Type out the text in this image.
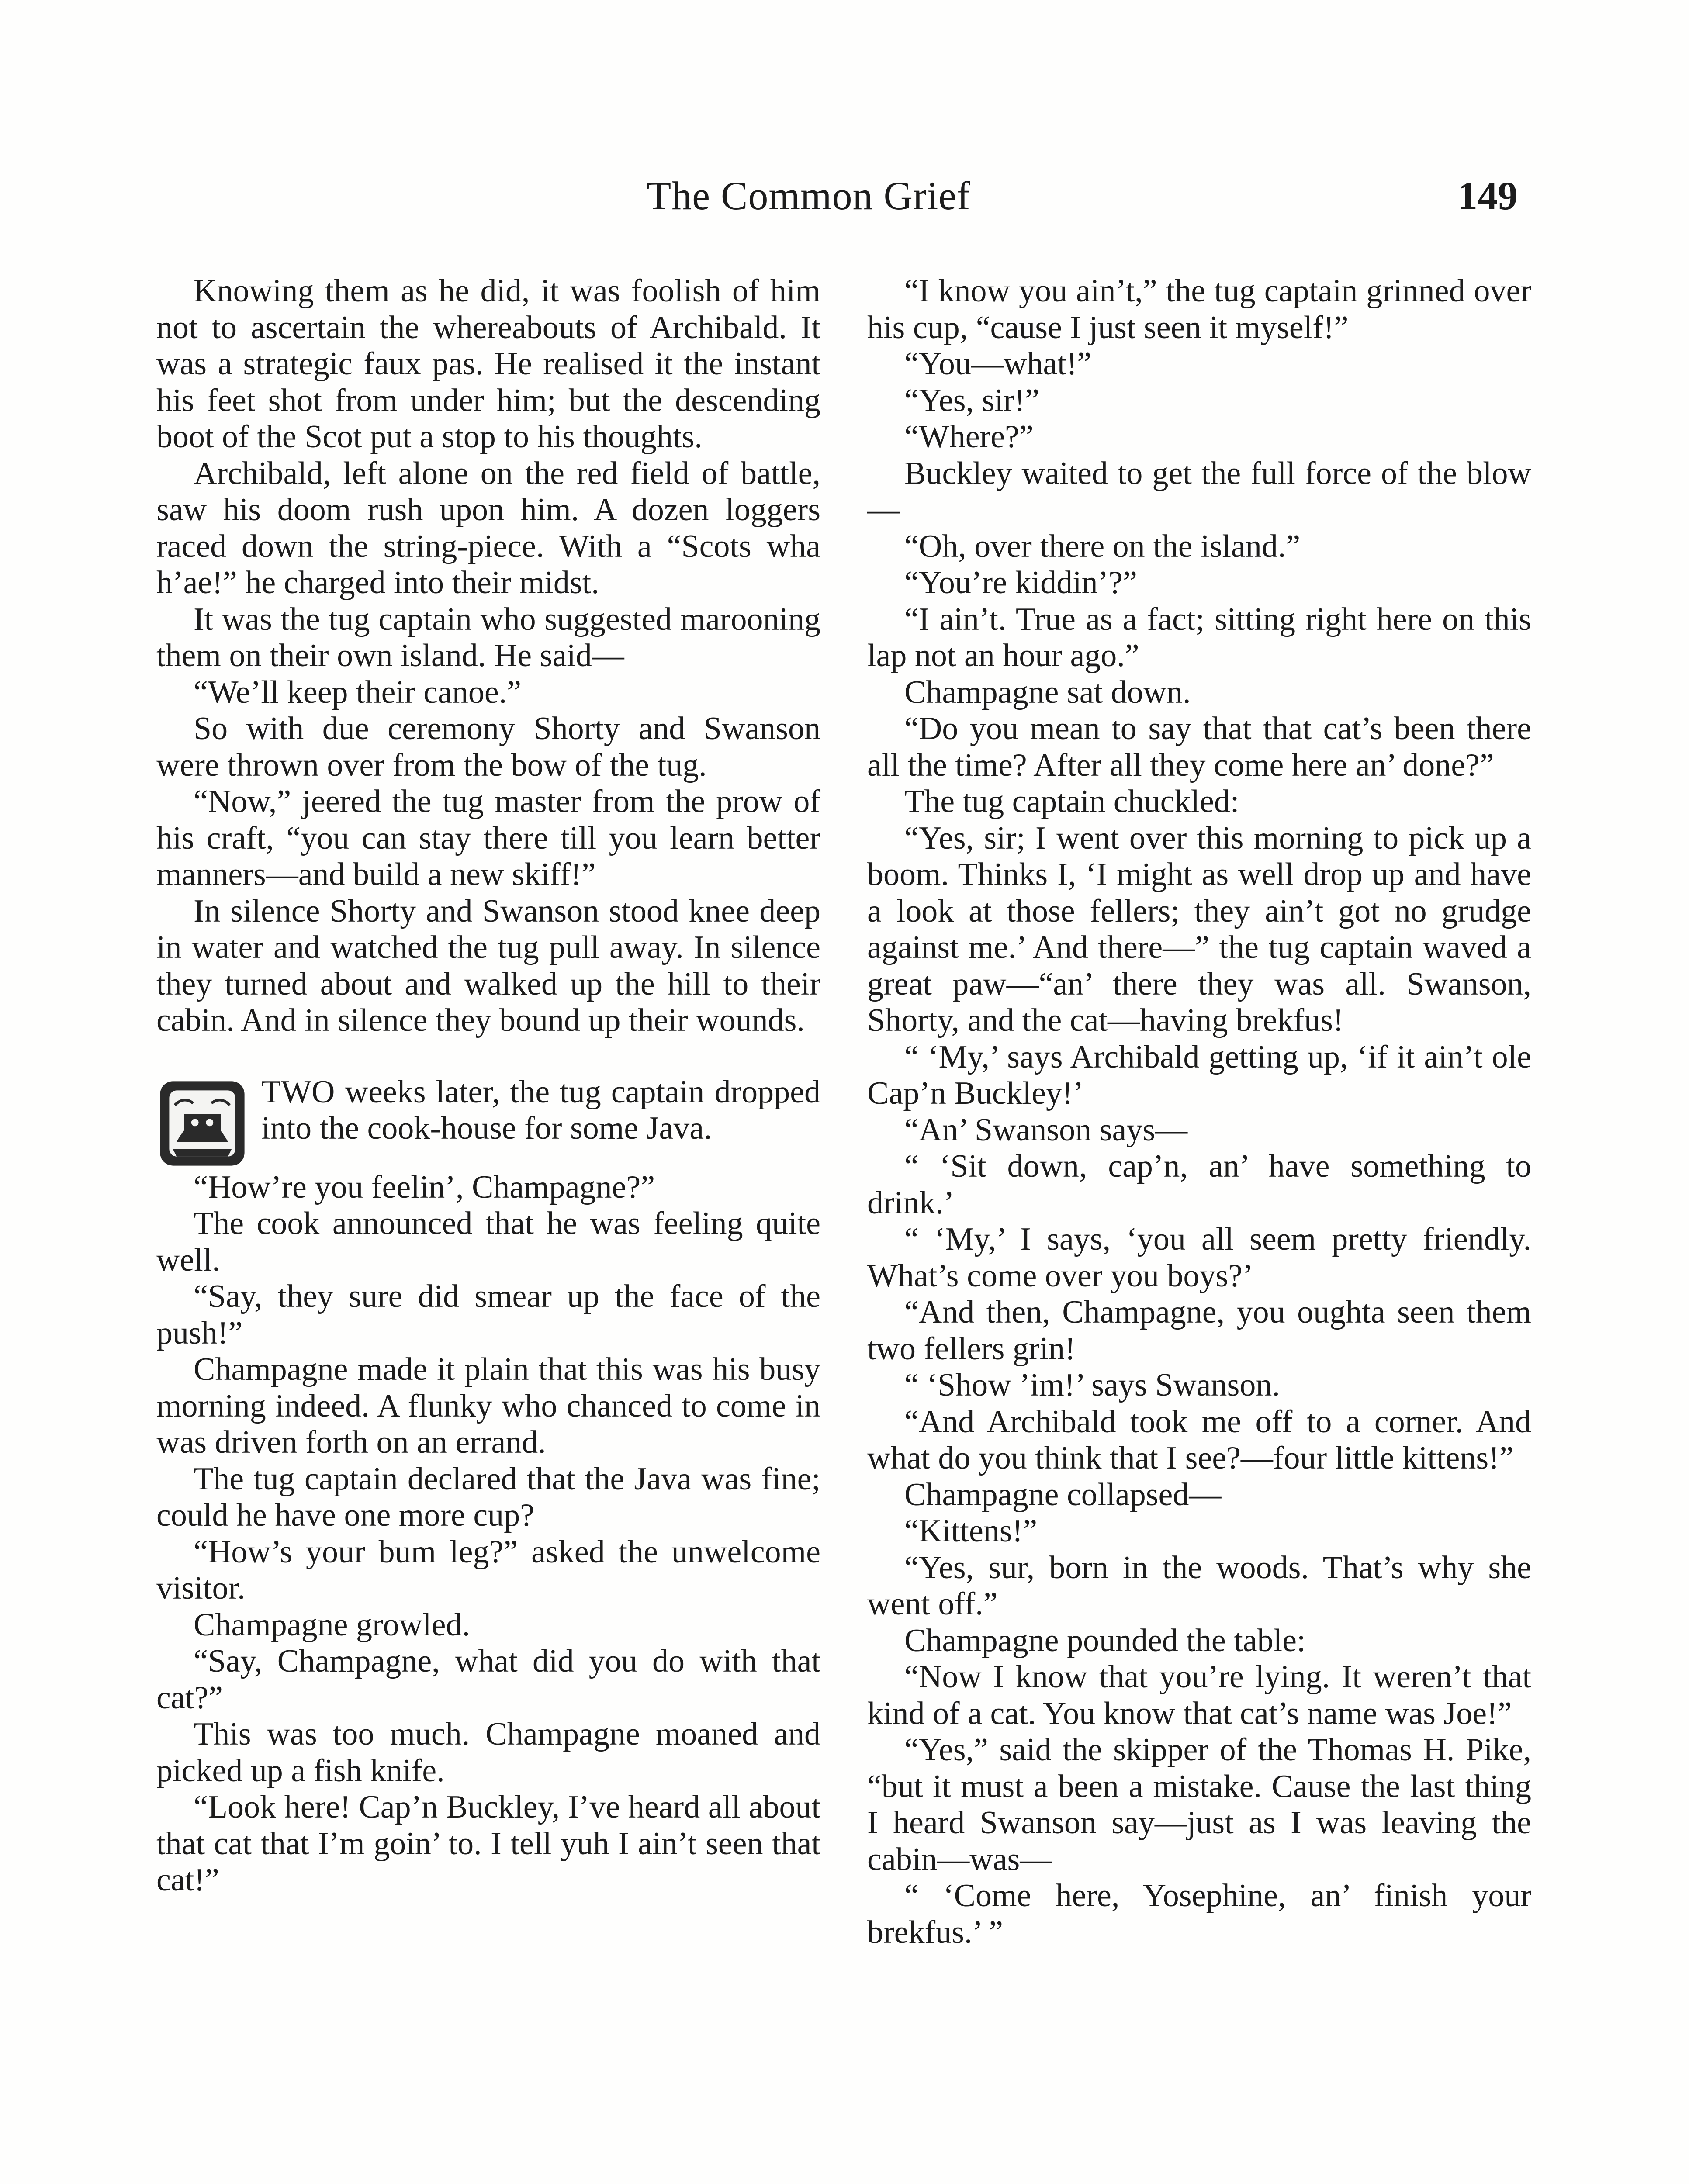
The Common Grief	149

Knowing them as he did, it was foolish of him not to ascertain the whereabouts of Archibald. It was a strategic faux pas. He realised it the instant his feet shot from under him; but the descending boot of the Scot put a stop to his thoughts.

Archibald, left alone on the red field of battle, saw his doom rush upon him. A dozen loggers raced down the string-piece. With a “Scots wha h’ae!” he charged into their midst.

It was the tug captain who suggested marooning them on their own island. He said—

“We’ll keep their canoe.”

So with due ceremony Shorty and Swanson were thrown over from the bow of the tug.

“Now,” jeered the tug master from the prow of his craft, “you can stay there till you learn better manners—and build a new skiff!”

In silence Shorty and Swanson stood knee deep in water and watched the tug pull away. In silence they turned about and walked up the hill to their cabin. And in silence they bound up their wounds.

TWO weeks later, the tug captain dropped into the cook-house for some Java.

“How’re you feelin’, Champagne?”

The cook announced that he was feeling quite well.

“Say, they sure did smear up the face of the push!”

Champagne made it plain that this was his busy morning indeed. A flunky who chanced to come in was driven forth on an errand.

The tug captain declared that the Java was fine; could he have one more cup?

“How’s your bum leg?” asked the unwelcome visitor.

Champagne growled.

“Say, Champagne, what did you do with that cat?”

This was too much. Champagne moaned and picked up a fish knife.

“Look here! Cap’n Buckley, I’ve heard all about that cat that I’m goin’ to. I tell yuh I ain’t seen that cat!”

“I know you ain’t,” the tug captain grinned over his cup, “cause I just seen it myself!”

“You—what!”

“Yes, sir!”

“Where?”

Buckley waited to get the full force of the blow—

“Oh, over there on the island.”

“You’re kiddin’?”

“I ain’t. True as a fact; sitting right here on this lap not an hour ago.”

Champagne sat down.

“Do you mean to say that that cat’s been there all the time? After all they come here an’ done?”

The tug captain chuckled:

“Yes, sir; I went over this morning to pick up a boom. Thinks I, ‘I might as well drop up and have a look at those fellers; they ain’t got no grudge against me.’ And there—” the tug captain waved a great paw—“an’ there they was all. Swanson, Shorty, and the cat—having brekfus!

“ ‘My,’ says Archibald getting up, ‘if it ain’t ole Cap’n Buckley!’

“An’ Swanson says—

“ ‘Sit down, cap’n, an’ have something to drink.’

“ ‘My,’ I says, ‘you all seem pretty friendly. What’s come over you boys?’

“And then, Champagne, you oughta seen them two fellers grin!

“ ‘Show ’im!’ says Swanson.

“And Archibald took me off to a corner. And what do you think that I see?—four little kittens!”

Champagne collapsed—

“Kittens!”

“Yes, sur, born in the woods. That’s why she went off.”

Champagne pounded the table:

“Now I know that you’re lying. It weren’t that kind of a cat. You know that cat’s name was Joe!”

“Yes,” said the skipper of the Thomas H. Pike, “but it must a been a mistake. Cause the last thing I heard Swanson say—just as I was leaving the cabin—was—

“ ‘Come here, Yosephine, an’ finish your brekfus.’ ”
